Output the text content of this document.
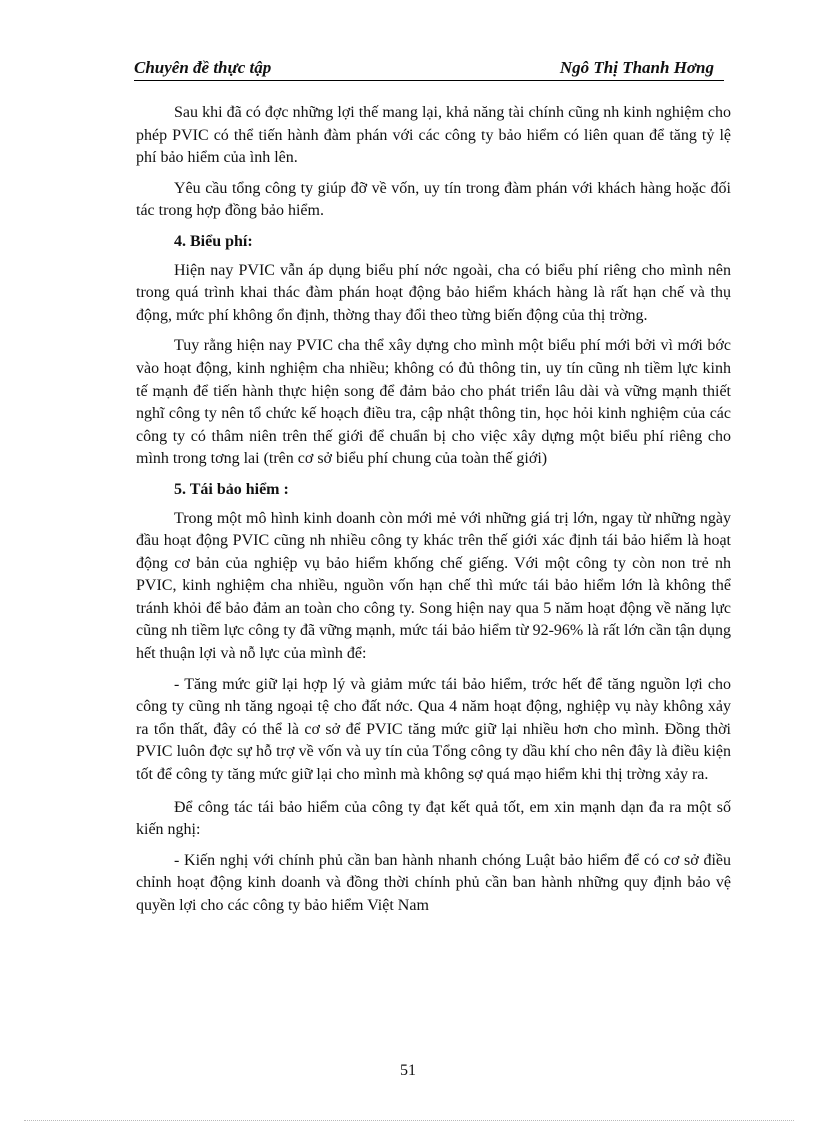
Chuyên đề thực tập	Ngô Thị Thanh Hơng

Sau khi đã có đợc những lợi thế mang lại, khả năng tài chính cũng nh kinh nghiệm cho phép PVIC có thể tiến hành đàm phán với các công ty bảo hiểm có liên quan để tăng tỷ lệ phí bảo hiểm của ình lên.

Yêu cầu tổng công ty giúp đỡ về vốn, uy tín trong đàm phán với khách hàng hoặc đối tác trong hợp đồng bảo hiểm.

4. Biểu phí:

Hiện nay PVIC vẫn áp dụng biểu phí nớc ngoài, cha có biểu phí riêng cho mình nên trong quá trình khai thác đàm phán hoạt động bảo hiểm khách hàng là rất hạn chế và thụ động, mức phí không ổn định, thờng thay đổi theo từng biến động của thị trờng.

Tuy rằng hiện nay PVIC cha thể xây dựng cho mình một biểu phí mới bởi vì mới bớc vào hoạt động, kinh nghiệm cha nhiều; không có đủ thông tin, uy tín cũng nh tiềm lực kinh tế mạnh để tiến hành thực hiện song để đảm bảo cho phát triển lâu dài và vững mạnh thiết nghĩ công ty nên tổ chức kế hoạch điều tra, cập nhật thông tin, học hỏi kinh nghiệm của các công ty có thâm niên trên thế giới để chuẩn bị cho việc xây dựng một biểu phí riêng cho mình trong tơng lai (trên cơ sở biểu phí chung của toàn thế giới)

5. Tái bảo hiểm :

Trong một mô hình kinh doanh còn mới mẻ với những giá trị lớn, ngay từ những ngày đầu hoạt động PVIC cũng nh nhiều công ty khác trên thế giới xác định tái bảo hiểm là hoạt động cơ bản của nghiệp vụ bảo hiểm khống chế giếng. Với một công ty còn non trẻ nh PVIC, kinh nghiệm cha nhiều, nguồn vốn hạn chế thì mức tái bảo hiểm lớn là không thể tránh khỏi để bảo đảm an toàn cho công ty. Song hiện nay qua 5 năm hoạt động về năng lực cũng nh tiềm lực công ty đã vững mạnh, mức tái bảo hiểm từ 92-96% là rất lớn cần tận dụng hết thuận lợi và nỗ lực của mình để:

- Tăng mức giữ lại hợp lý và giảm mức tái bảo hiểm, trớc hết để tăng nguồn lợi cho công ty cũng nh tăng ngoại tệ cho đất nớc. Qua 4 năm hoạt động, nghiệp vụ này không xảy ra tổn thất, đây có thể là cơ sở để PVIC tăng mức giữ lại nhiều hơn cho mình. Đồng thời PVIC luôn đợc sự hỗ trợ về vốn và uy tín của Tổng công ty dầu khí cho nên đây là điều kiện tốt để công ty tăng mức giữ lại cho mình mà không sợ quá mạo hiểm khi thị trờng xảy ra.

Để công tác tái bảo hiểm của công ty đạt kết quả tốt, em xin mạnh dạn đa ra một số kiến nghị:

- Kiến nghị với chính phủ cần ban hành nhanh chóng Luật bảo hiểm để có cơ sở điều chỉnh hoạt động kinh doanh và đồng thời chính phủ cần ban hành những quy định bảo vệ quyền lợi cho các công ty bảo hiểm Việt Nam

51
